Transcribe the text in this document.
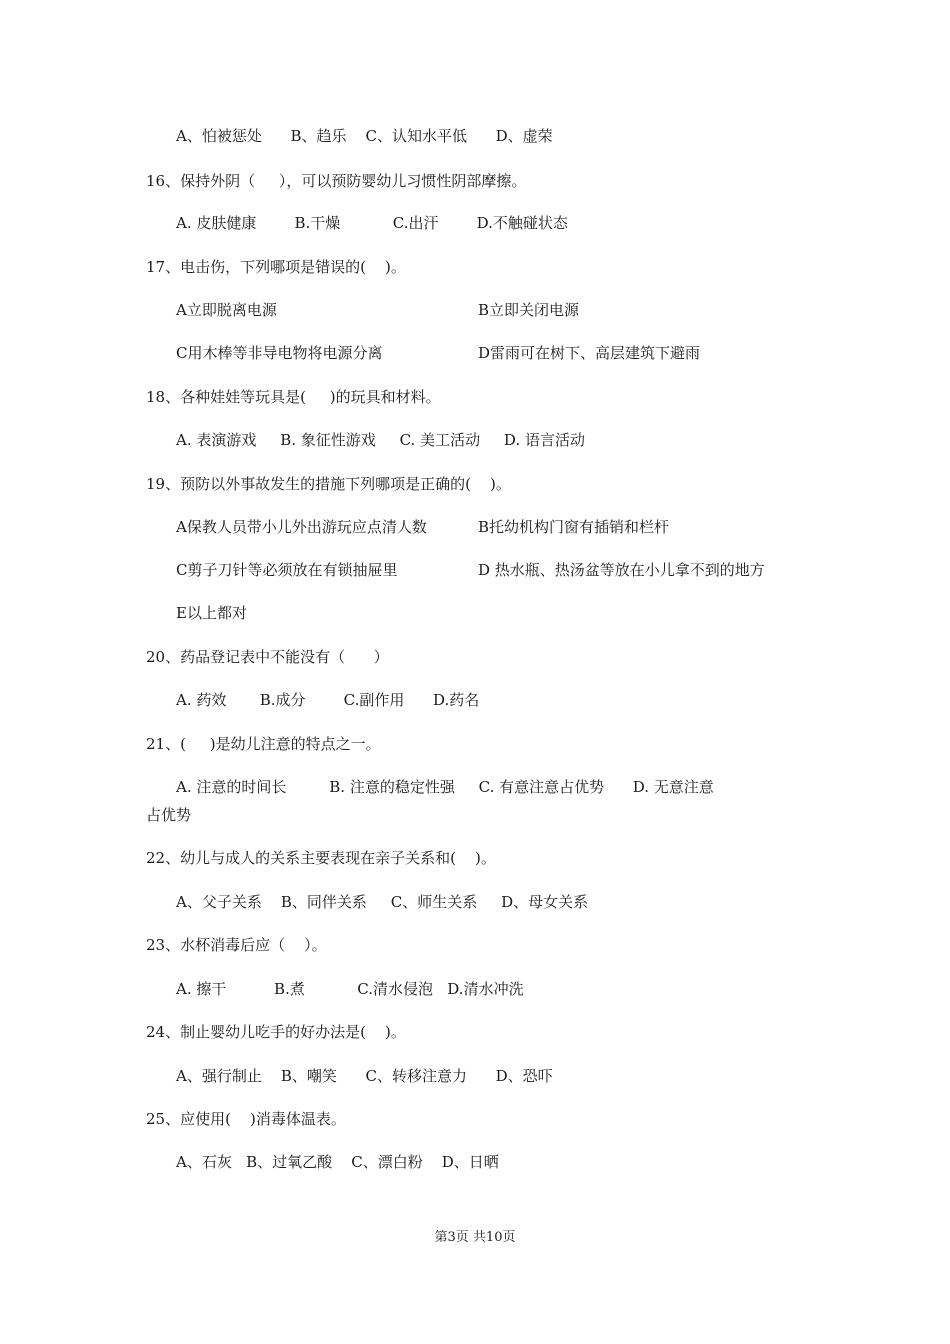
A、怕被惩处      B、趋乐    C、认知水平低      D、虚荣
16、保持外阴（     ），可以预防婴幼儿习惯性阴部摩擦。
A. 皮肤健康        B.干燥           C.出汗        D.不触碰状态
17、电击伤，下列哪项是错误的(    )。
A立即脱离电源	B立即关闭电源
C用木棒等非导电物将电源分离	D雷雨可在树下、高层建筑下避雨
18、各种娃娃等玩具是(     )的玩具和材料。
A. 表演游戏     B. 象征性游戏     C. 美工活动     D. 语言活动
19、预防以外事故发生的措施下列哪项是正确的(    )。
A保教人员带小儿外出游玩应点清人数	B托幼机构门窗有插销和栏杆
C剪子刀针等必须放在有锁抽屉里	D 热水瓶、热汤盆等放在小儿拿不到的地方
E以上都对
20、药品登记表中不能没有（      ）
A. 药效       B.成分        C.副作用      D.药名
21、(     )是幼儿注意的特点之一。
A. 注意的时间长         B. 注意的稳定性强     C. 有意注意占优势      D. 无意注意
占优势
22、幼儿与成人的关系主要表现在亲子关系和(    )。
A、父子关系    B、同伴关系     C、师生关系     D、母女关系
23、水杯消毒后应（    ）。
A. 擦干          B.煮           C.清水侵泡   D.清水冲洗
24、制止婴幼儿吃手的好办法是(    )。
A、强行制止    B、嘲笑      C、转移注意力      D、恐吓
25、应使用(    )消毒体温表。
A、石灰   B、过氧乙酸    C、漂白粉    D、日晒
第3页 共10页
